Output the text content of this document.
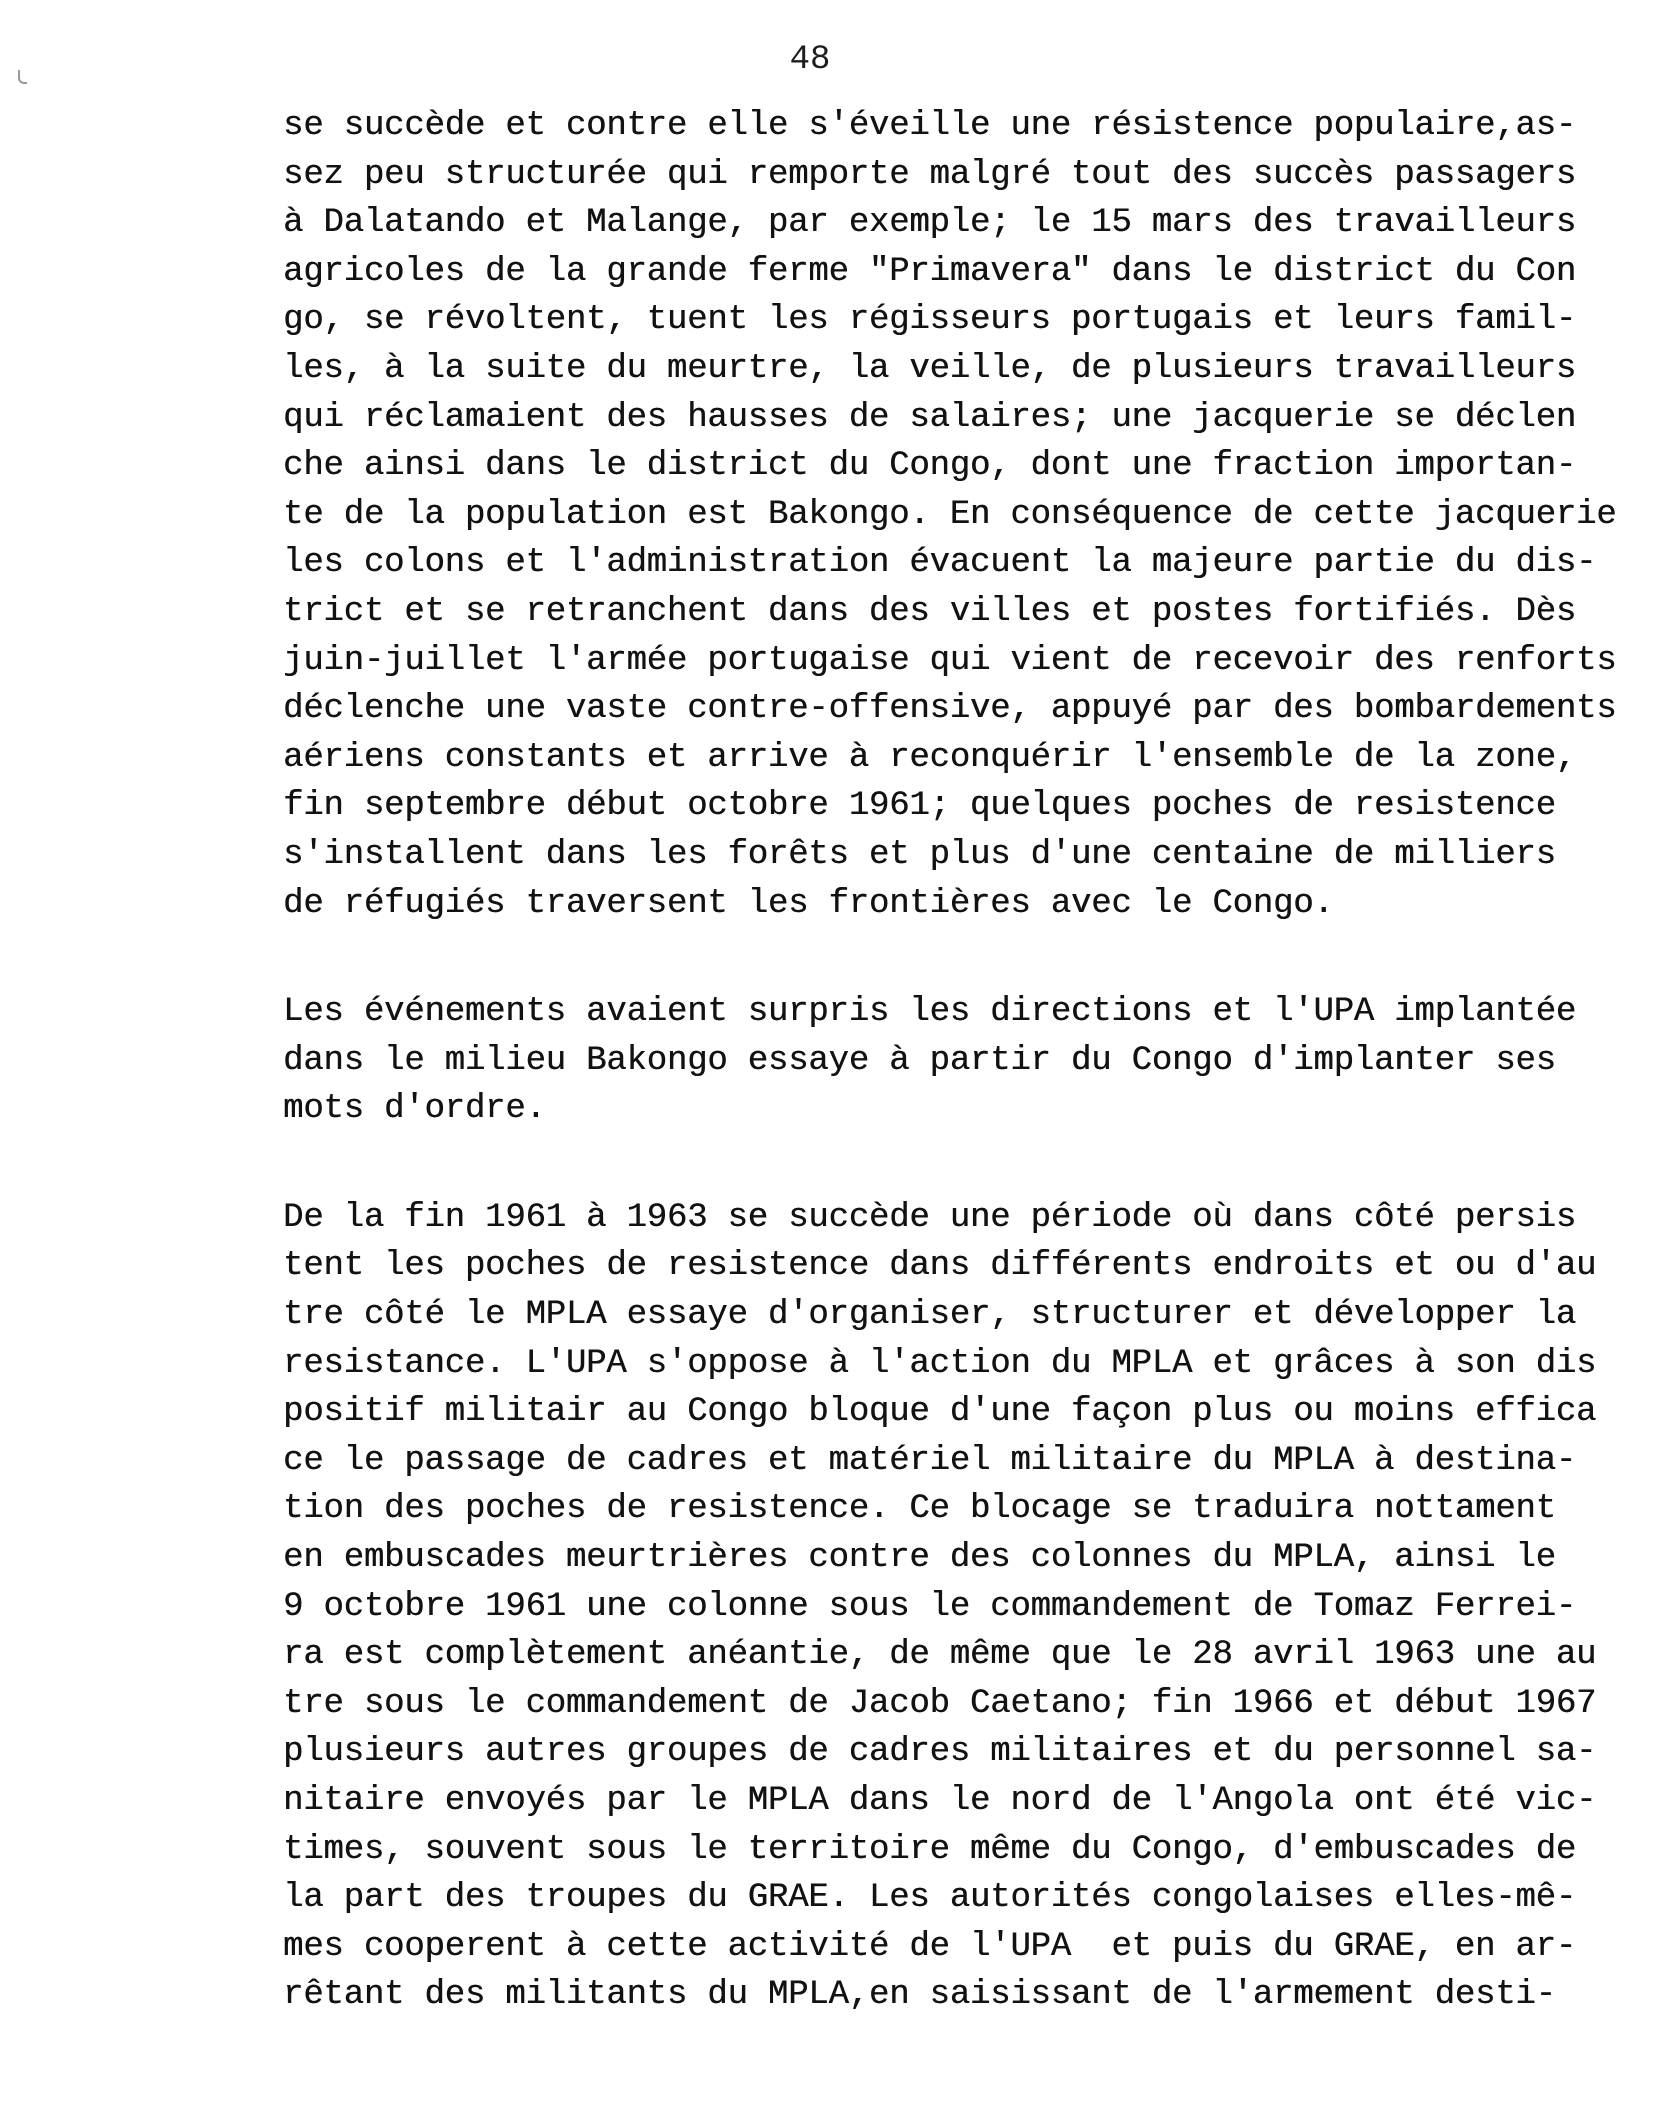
48
se succède et contre elle s'éveille une résistence populaire,as-
sez peu structurée qui remporte malgré tout des succès passagers
à Dalatando et Malange, par exemple; le 15 mars des travailleurs
agricoles de la grande ferme "Primavera" dans le district du Con
go, se révoltent, tuent les régisseurs portugais et leurs famil-
les, à la suite du meurtre, la veille, de plusieurs travailleurs
qui réclamaient des hausses de salaires; une jacquerie se déclen
che ainsi dans le district du Congo, dont une fraction importan-
te de la population est Bakongo. En conséquence de cette jacquerie
les colons et l'administration évacuent la majeure partie du dis-
trict et se retranchent dans des villes et postes fortifiés. Dès
juin-juillet l'armée portugaise qui vient de recevoir des renforts
déclenche une vaste contre-offensive, appuyé par des bombardements
aériens constants et arrive à reconquérir l'ensemble de la zone,
fin septembre début octobre 1961; quelques poches de resistence
s'installent dans les forêts et plus d'une centaine de milliers
de réfugiés traversent les frontières avec le Congo.
Les événements avaient surpris les directions et l'UPA implantée
dans le milieu Bakongo essaye à partir du Congo d'implanter ses
mots d'ordre.
De la fin 1961 à 1963 se succède une période où dans côté persis
tent les poches de resistence dans différents endroits et ou d'au
tre côté le MPLA essaye d'organiser, structurer et développer la
resistance. L'UPA s'oppose à l'action du MPLA et grâces à son dis
positif militair au Congo bloque d'une façon plus ou moins effica
ce le passage de cadres et matériel militaire du MPLA à destina-
tion des poches de resistence. Ce blocage se traduira nottament
en embuscades meurtrières contre des colonnes du MPLA, ainsi le
9 octobre 1961 une colonne sous le commandement de Tomaz Ferrei-
ra est complètement anéantie, de même que le 28 avril 1963 une au
tre sous le commandement de Jacob Caetano; fin 1966 et début 1967
plusieurs autres groupes de cadres militaires et du personnel sa-
nitaire envoyés par le MPLA dans le nord de l'Angola ont été vic-
times, souvent sous le territoire même du Congo, d'embuscades de
la part des troupes du GRAE. Les autorités congolaises elles-mê-
mes cooperent à cette activité de l'UPA  et puis du GRAE, en ar-
rêtant des militants du MPLA,en saisissant de l'armement desti-
